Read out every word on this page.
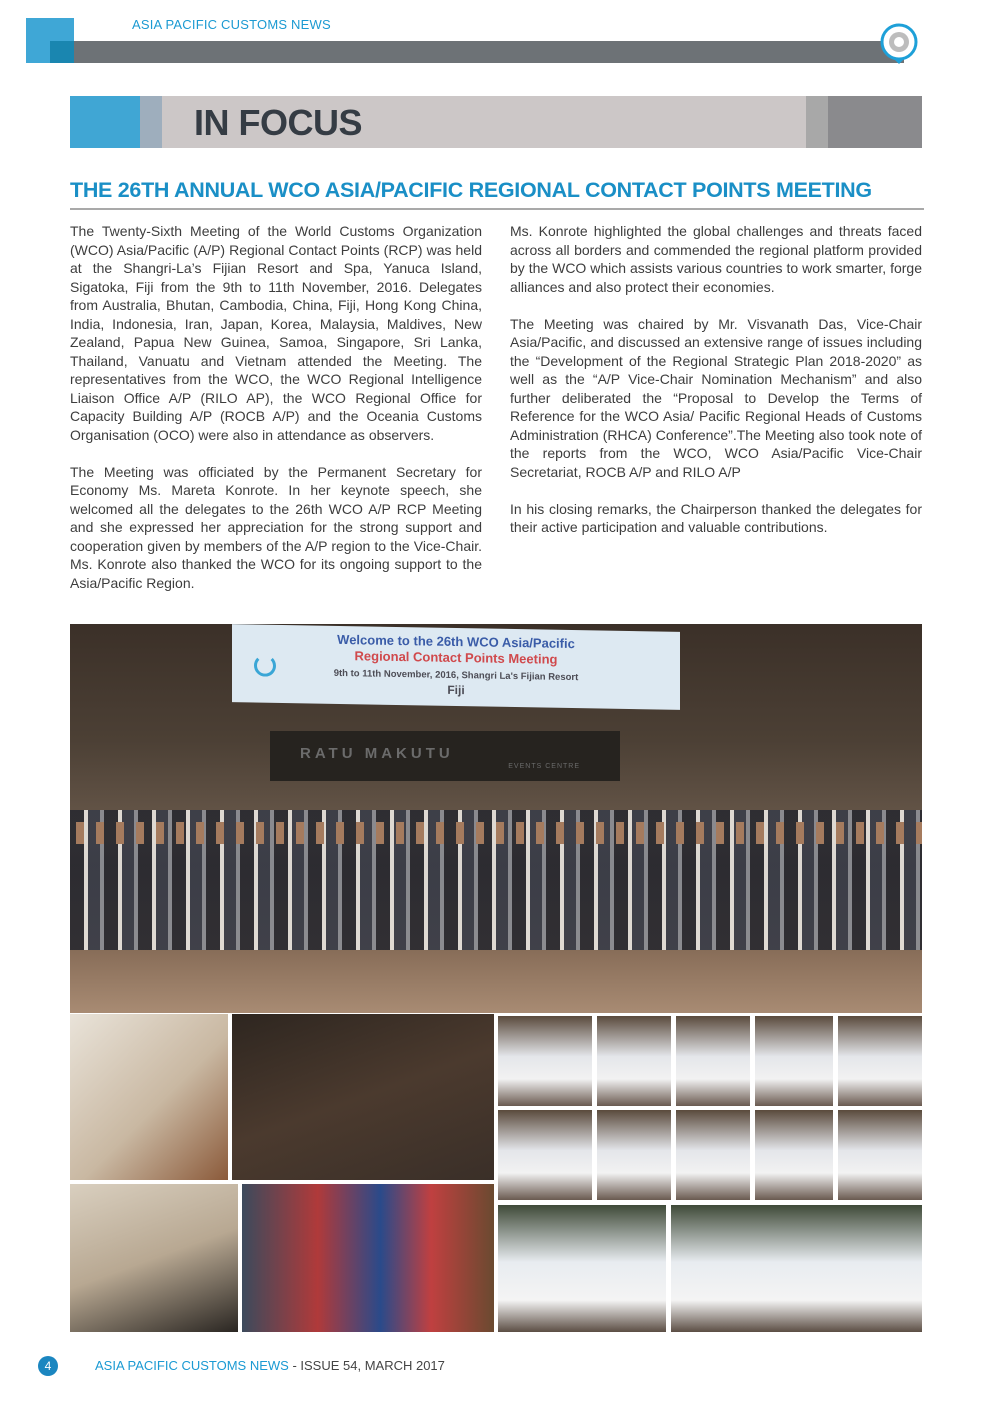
ASIA PACIFIC CUSTOMS NEWS
IN FOCUS
THE 26TH ANNUAL WCO ASIA/PACIFIC REGIONAL CONTACT POINTS MEETING

The Twenty-Sixth Meeting of the World Customs Organization (WCO) Asia/Pacific (A/P) Regional Contact Points (RCP) was held at the Shangri-La’s Fijian Resort and Spa, Yanuca Island, Sigatoka, Fiji from the 9th to 11th November, 2016. Delegates from Australia, Bhutan, Cambodia, China, Fiji, Hong Kong China, India, Indonesia, Iran, Japan, Korea, Malaysia, Maldives, New Zealand, Papua New Guinea, Samoa, Singapore, Sri Lanka, Thailand, Vanuatu and Vietnam attended the Meeting. The representatives from the WCO, the WCO Regional Intelligence Liaison Office A/P (RILO AP), the WCO Regional Office for Capacity Building A/P (ROCB A/P) and the Oceania Customs Organisation (OCO) were also in attendance as observers.

The Meeting was officiated by the Permanent Secretary for Economy Ms. Mareta Konrote. In her keynote speech, she welcomed all the delegates to the 26th WCO A/P RCP Meeting and she expressed her appreciation for the strong support and cooperation given by members of the A/P region to the Vice-Chair. Ms. Konrote also thanked the WCO for its ongoing support to the Asia/Pacific Region.

Ms. Konrote highlighted the global challenges and threats faced across all borders and commended the regional platform provided by the WCO which assists various countries to work smarter, forge alliances and also protect their economies.

The Meeting was chaired by Mr. Visvanath Das, Vice-Chair Asia/Pacific, and discussed an extensive range of issues including the “Development of the Regional Strategic Plan 2018-2020” as well as the “A/P Vice-Chair Nomination Mechanism” and also further deliberated the “Proposal to Develop the Terms of Reference for the WCO Asia/ Pacific Regional Heads of Customs Administration (RHCA) Conference”.The Meeting also took note of the reports from the WCO, WCO Asia/Pacific Vice-Chair Secretariat, ROCB A/P and RILO A/P

In his closing remarks, the Chairperson thanked the delegates for their active participation and valuable contributions.

RATU MAKUTU
EVENTS CENTRE
Welcome to the 26th WCO Asia/Pacific
Regional Contact Points Meeting
9th to 11th November, 2016, Shangri La's Fijian Resort
Fiji
4	ASIA PACIFIC CUSTOMS NEWS - ISSUE 54, MARCH 2017
